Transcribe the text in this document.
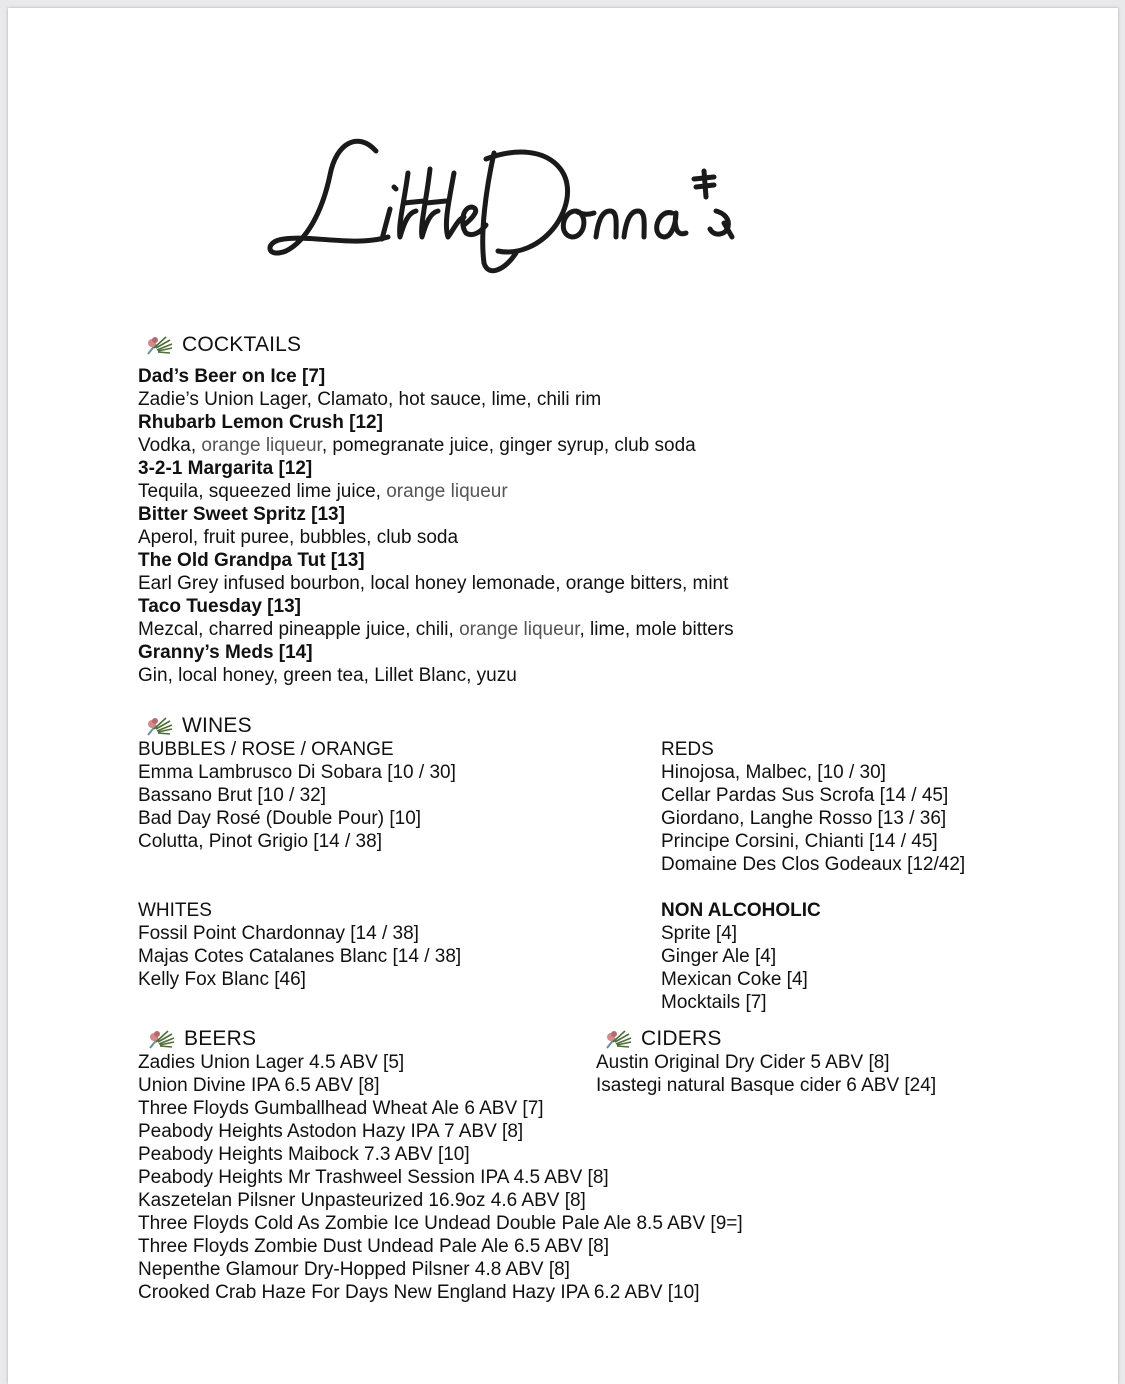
COCKTAILS
Dad’s Beer on Ice [7]
Zadie’s Union Lager, Clamato, hot sauce, lime, chili rim
Rhubarb Lemon Crush [12]
Vodka, orange liqueur, pomegranate juice, ginger syrup, club soda
3-2-1 Margarita [12]
Tequila, squeezed lime juice, orange liqueur
Bitter Sweet Spritz [13]
Aperol, fruit puree, bubbles, club soda
The Old Grandpa Tut [13]
Earl Grey infused bourbon, local honey lemonade, orange bitters, mint
Taco Tuesday [13]
Mezcal, charred pineapple juice, chili, orange liqueur, lime, mole bitters
Granny’s Meds [14]
Gin, local honey, green tea, Lillet Blanc, yuzu
WINES
BUBBLES / ROSE / ORANGE
Emma Lambrusco Di Sobara [10 / 30]
Bassano Brut [10 / 32]
Bad Day Rosé (Double Pour) [10]
Colutta, Pinot Grigio [14 / 38]
REDS
Hinojosa, Malbec, [10 / 30]
Cellar Pardas Sus Scrofa [14 / 45]
Giordano, Langhe Rosso [13 / 36]
Principe Corsini, Chianti [14 / 45]
Domaine Des Clos Godeaux [12/42]
WHITES
Fossil Point Chardonnay [14 / 38]
Majas Cotes Catalanes Blanc [14 / 38]
Kelly Fox Blanc [46]
NON ALCOHOLIC
Sprite [4]
Ginger Ale [4]
Mexican Coke [4]
Mocktails [7]
BEERS
Zadies Union Lager 4.5 ABV [5]
Union Divine IPA 6.5 ABV [8]
Three Floyds Gumballhead Wheat Ale 6 ABV [7]
Peabody Heights Astodon Hazy IPA 7 ABV [8]
Peabody Heights Maibock 7.3 ABV [10]
Peabody Heights Mr Trashweel Session IPA 4.5 ABV [8]
Kaszetelan Pilsner Unpasteurized 16.9oz 4.6 ABV [8]
Three Floyds Cold As Zombie Ice Undead Double Pale Ale 8.5 ABV [9=]
Three Floyds Zombie Dust Undead Pale Ale 6.5 ABV [8]
Nepenthe Glamour Dry-Hopped Pilsner 4.8 ABV [8]
Crooked Crab Haze For Days New England Hazy IPA 6.2 ABV [10]
CIDERS
Austin Original Dry Cider 5 ABV [8]
Isastegi natural Basque cider 6 ABV [24]
